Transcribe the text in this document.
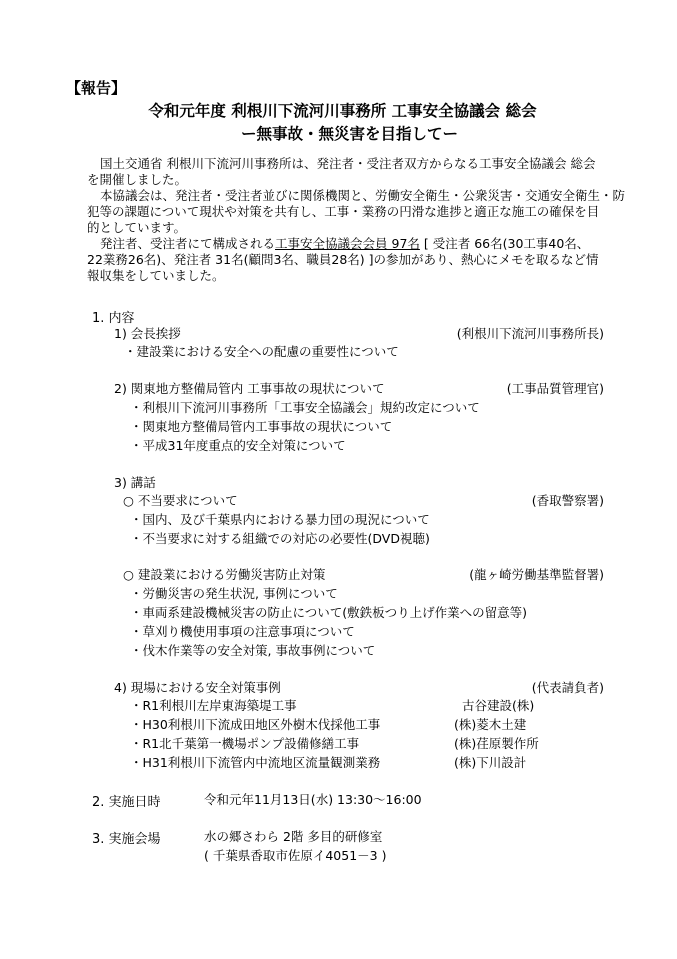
【報告】
令和元年度 利根川下流河川事務所 工事安全協議会 総会
ー無事故・無災害を目指してー
国土交通省 利根川下流河川事務所は、発注者・受注者双方からなる工事安全協議会 総会
を開催しました。
本協議会は、発注者・受注者並びに関係機関と、労働安全衛生・公衆災害・交通安全衛生・防
犯等の課題について現状や対策を共有し、工事・業務の円滑な進捗と適正な施工の確保を目
的としています。
発注者、受注者にて構成される工事安全協議会会員 97名 [ 受注者 66名(30工事40名、
22業務26名)、発注者 31名(顧問3名、職員28名) ]の参加があり、熱心にメモを取るなど情
報収集をしていました。
1. 内容
1) 会長挨拶	(利根川下流河川事務所長)
・建設業における安全への配慮の重要性について
2) 関東地方整備局管内 工事事故の現状について	(工事品質管理官)
・利根川下流河川事務所「工事安全協議会」規約改定について
・関東地方整備局管内工事事故の現状について
・平成31年度重点的安全対策について
3) 講話
○ 不当要求について	(香取警察署)
・国内、及び千葉県内における暴力団の現況について
・不当要求に対する組織での対応の必要性(DVD視聴)
○ 建設業における労働災害防止対策	(龍ヶ崎労働基準監督署)
・労働災害の発生状況, 事例について
・車両系建設機械災害の防止について(敷鉄板つり上げ作業への留意等)
・草刈り機使用事項の注意事項について
・伐木作業等の安全対策, 事故事例について
4) 現場における安全対策事例	(代表請負者)
・R1利根川左岸東海築堤工事	古谷建設(株)
・H30利根川下流成田地区外樹木伐採他工事	(株)菱木土建
・R1北千葉第一機場ポンプ設備修繕工事	(株)荏原製作所
・H31利根川下流管内中流地区流量観測業務	(株)下川設計
2. 実施日時	令和元年11月13日(水) 13:30～16:00
3. 実施会場	水の郷さわら 2階 多目的研修室
( 千葉県香取市佐原イ4051－3 )
